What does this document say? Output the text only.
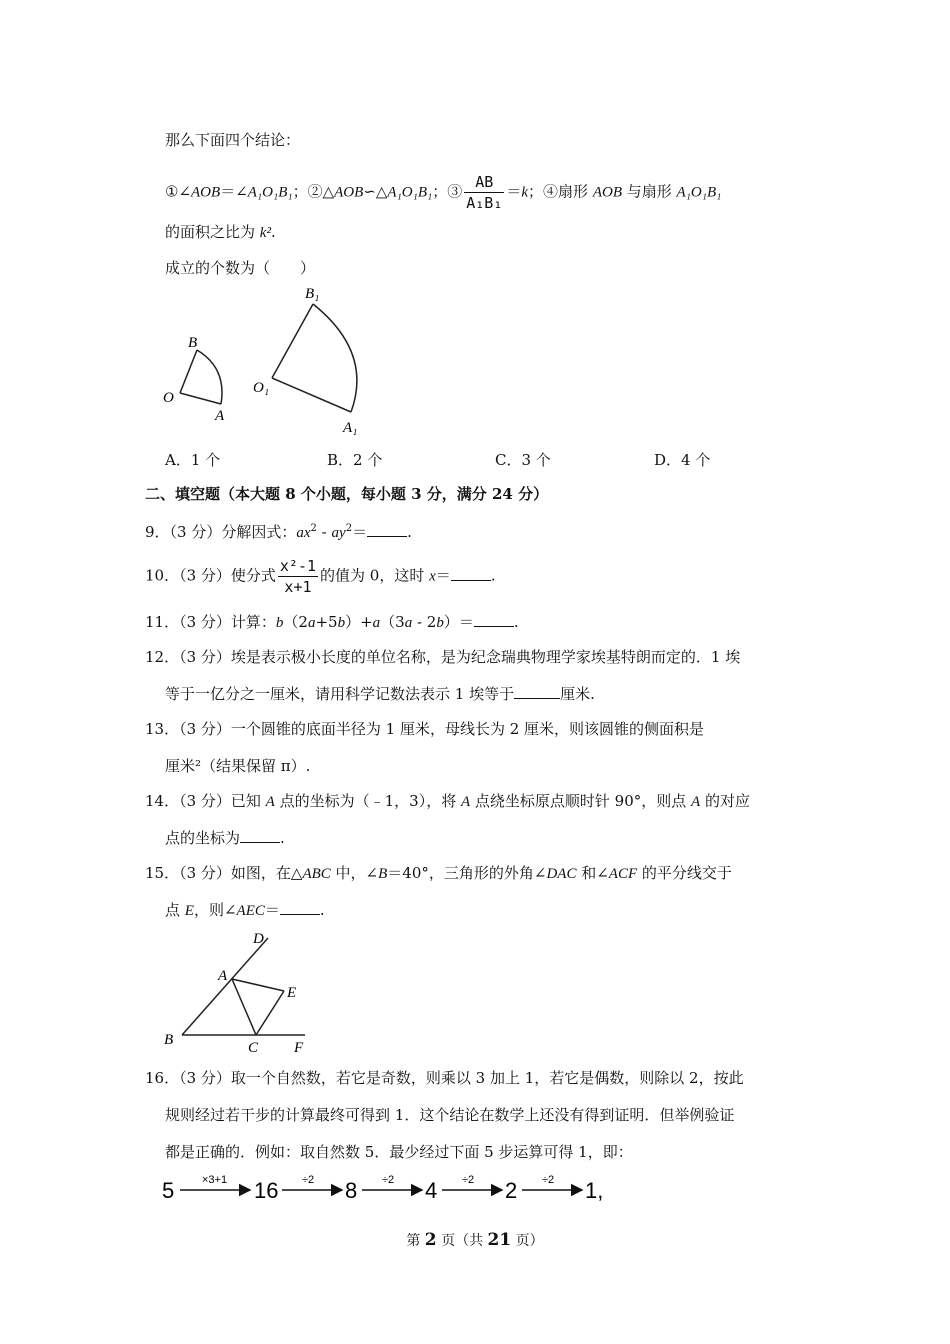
那么下面四个结论：
①∠AOB＝∠A₁O₁B₁；②△AOB∽△A₁O₁B₁；③ $\frac{AB}{\text{A₁B₁}} =k$；④扇形 AOB 与扇形 A₁O₁B₁
的面积之比为 k².
成立的个数为（　　）
B
O
A
B₁
O₁
A₁
A．1 个	B．2 个	C．3 个	D．4 个
二、填空题（本大题 8 个小题，每小题 3 分，满分 24 分）
9．（3 分）分解因式：$ax^2 - ay^2=$	.
10．（3 分）使分式 $\frac{\text{x²-1}}{x+1}$ 的值为 0，这时 x＝	.
11．（3 分）计算：b（2a+5b）+a（3a - 2b）＝	.
12．（3 分）埃是表示极小长度的单位名称，是为纪念瑞典物理学家埃基特朗而定的．1 埃
等于一亿分之一厘米，请用科学记数法表示 1 埃等于	厘米.
13．（3 分）一个圆锥的底面半径为 1 厘米，母线长为 2 厘米，则该圆锥的侧面积是
厘米²（结果保留 π）.
14．（3 分）已知 A 点的坐标为（﹣1，3），将 A 点绕坐标原点顺时针 90°，则点 A 的对应
点的坐标为	.
15．（3 分）如图，在△ABC 中，∠B＝40°，三角形的外角∠DAC 和∠ACF 的平分线交于
点 E，则∠AEC＝	.
D
A
E
B	C F
16．（3 分）取一个自然数，若它是奇数，则乘以 3 加上 1，若它是偶数，则除以 2，按此
规则经过若干步的计算最终可得到 1．这个结论在数学上还没有得到证明．但举例验证
都是正确的．例如：取自然数 5．最少经过下面 5 步运算可得 1，即：
5	×3+1 16 ÷2 8 ÷2 4 ÷2 2 ÷2 1,
第 2 页（共 21 页）
